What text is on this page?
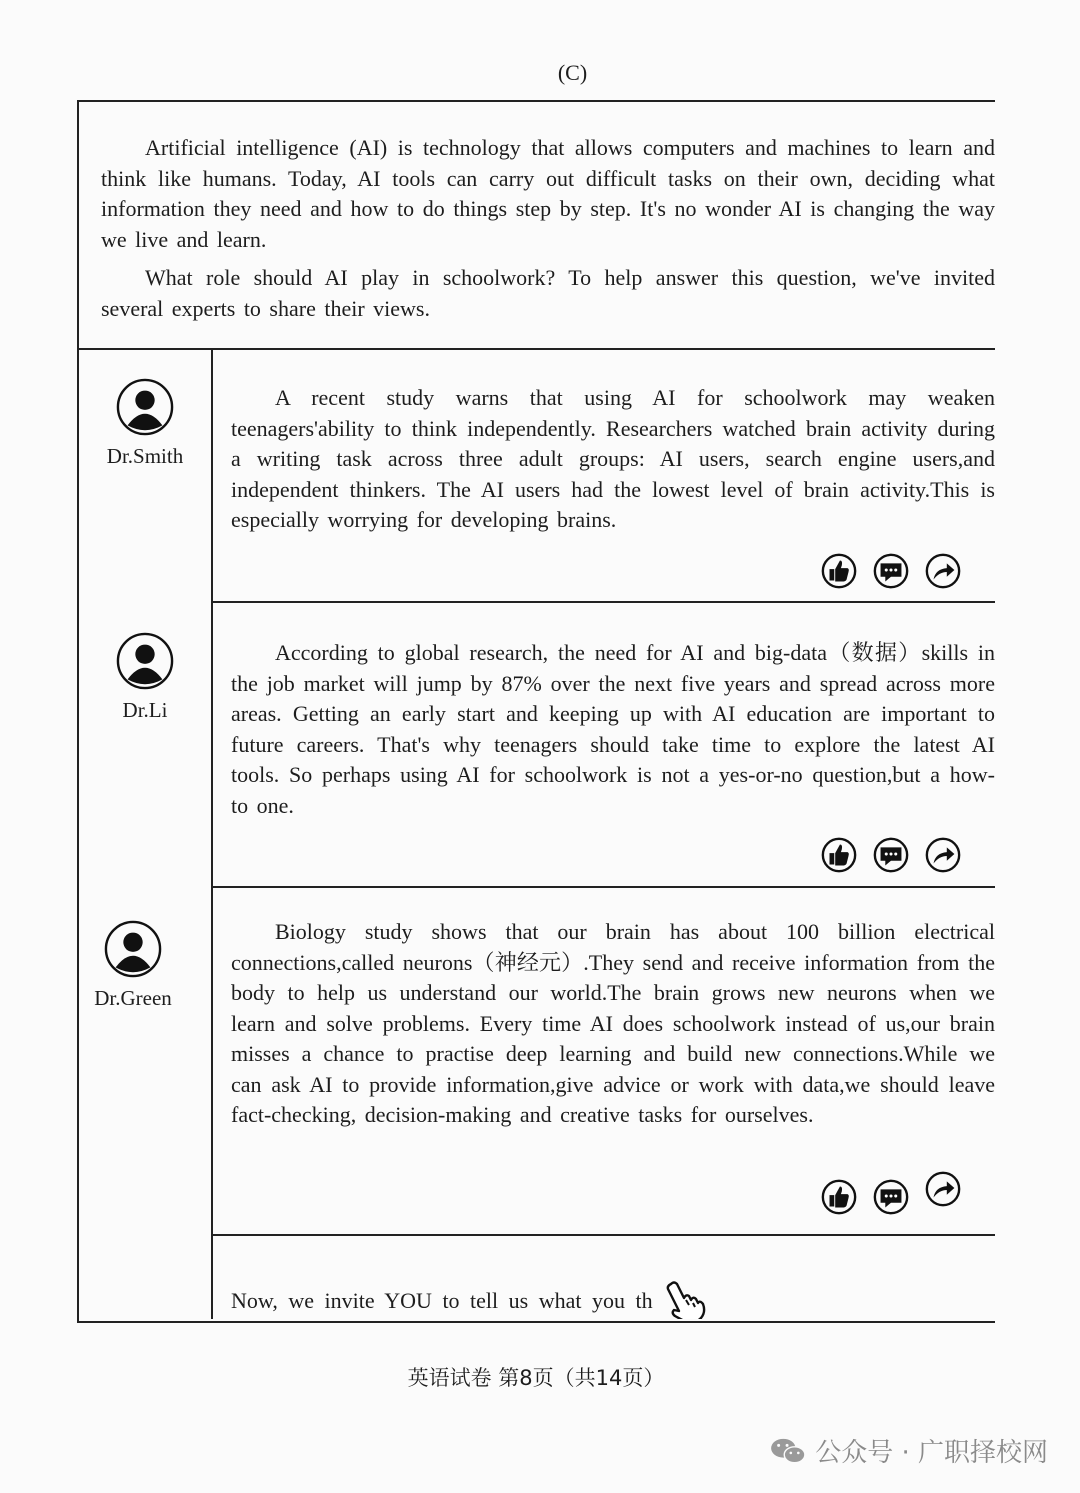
(C)

Artificial intelligence (AI) is technology that allows computers and machines to learn and think like humans. Today, AI tools can carry out difficult tasks on their own, deciding what information they need and how to do things step by step. It's no wonder AI is changing the way we live and learn.

What role should AI play in schoolwork? To help answer this question, we've invited several experts to share their views.

Dr.Smith
Dr.Li
Dr.Green

A recent study warns that using AI for schoolwork may weaken teenagers'ability to think independently. Researchers watched brain activity during a writing task across three adult groups: AI users, search engine users,and independent thinkers. The AI users had the lowest level of brain activity.This is especially worrying for developing brains.

According to global research, the need for AI and big-data（数据）skills in the job market will jump by 87% over the next five years and spread across more areas. Getting an early start and keeping up with AI education are important to future careers. That's why teenagers should take time to explore the latest AI tools. So perhaps using AI for schoolwork is not a yes-or-no question,but a how-to one.

Biology study shows that our brain has about 100 billion electrical connections,called neurons（神经元）.They send and receive information from the body to help us understand our world.The brain grows new neurons when we learn and solve problems. Every time AI does schoolwork instead of us,our brain misses a chance to practise deep learning and build new connections.While we can ask AI to provide information,give advice or work with data,we should leave fact-checking, decision-making and creative tasks for ourselves.

Now, we invite YOU to tell us what you th
英语试卷 第8页（共14页）
公众号 · 广职择校网
